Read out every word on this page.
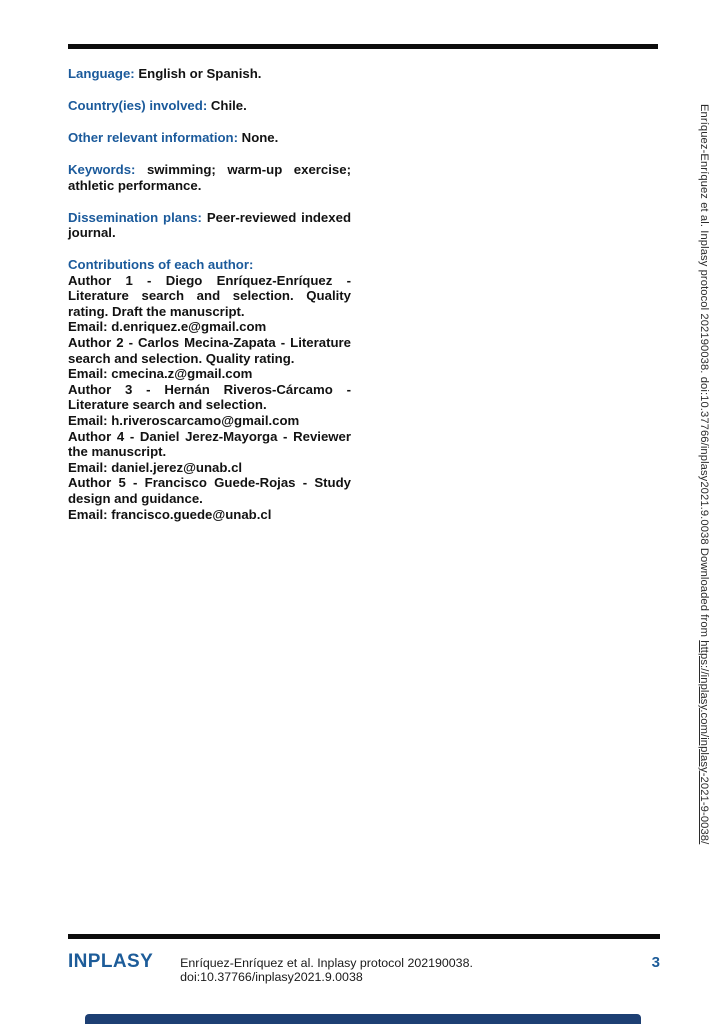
Language: English or Spanish.

Country(ies) involved: Chile.

Other relevant information: None.

Keywords: swimming; warm-up exercise; athletic performance.

Dissemination plans: Peer-reviewed indexed journal.

Contributions of each author:

Author 1 - Diego Enríquez-Enríquez - Literature search and selection. Quality rating. Draft the manuscript.

Email: d.enriquez.e@gmail.com

Author 2 - Carlos Mecina-Zapata - Literature search and selection. Quality rating.

Email: cmecina.z@gmail.com

Author 3 - Hernán Riveros-Cárcamo - Literature search and selection.

Email: h.riveroscarcamo@gmail.com

Author 4 - Daniel Jerez-Mayorga - Reviewer the manuscript.

Email: daniel.jerez@unab.cl

Author 5 - Francisco Guede-Rojas - Study design and guidance.

Email: francisco.guede@unab.cl	Enríquez-Enríquez et al. Inplasy protocol 202190038. doi:10.37766/inplasy2021.9.0038 Downloaded from https://inplasy.com/inplasy-2021-9-0038/
INPLASY Enríquez-Enríquez et al. Inplasy protocol 202190038. doi:10.37766/inplasy2021.9.0038
3
